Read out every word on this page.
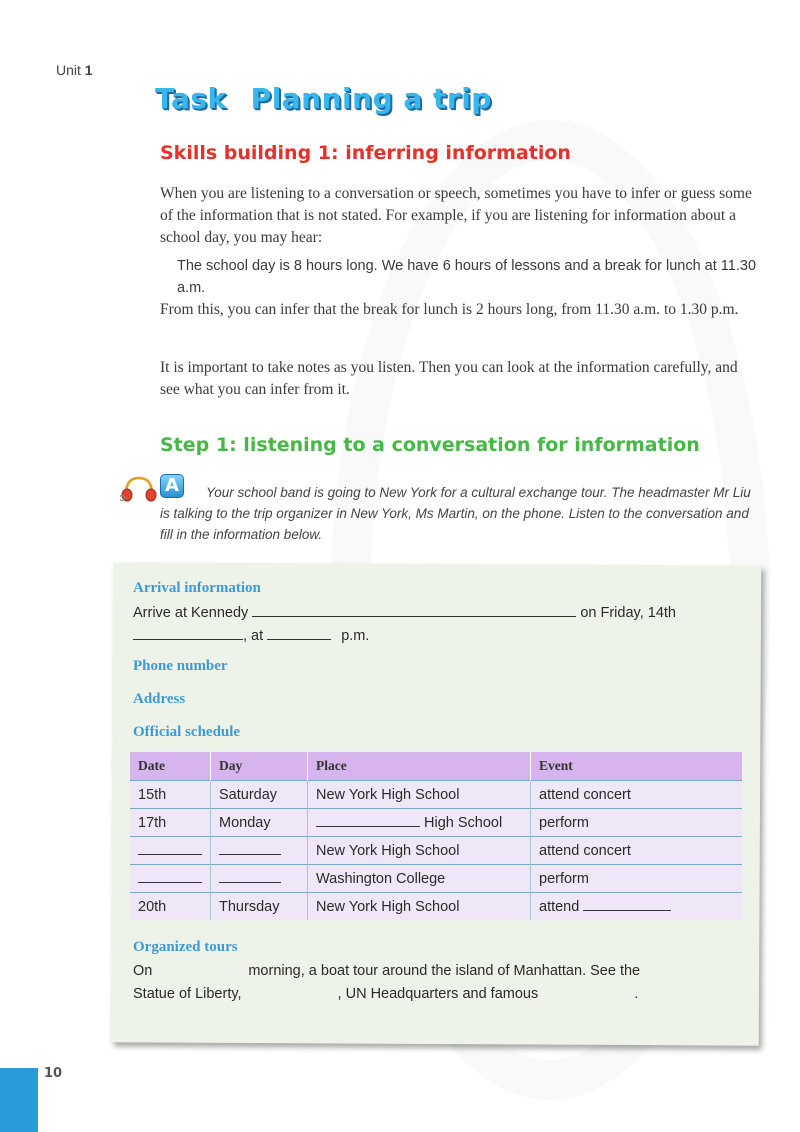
Unit 1
Task Planning a trip
Skills building 1: inferring information
When you are listening to a conversation or speech, sometimes you have to infer or guess some of the information that is not stated. For example, if you are listening for information about a school day, you may hear:
The school day is 8 hours long. We have 6 hours of lessons and a break for lunch at 11.30 a.m.
From this, you can infer that the break for lunch is 2 hours long, from 11.30 a.m. to 1.30 p.m.
It is important to take notes as you listen. Then you can look at the information carefully, and see what you can infer from it.
Step 1: listening to a conversation for information
A	Your school band is going to New York for a cultural exchange tour. The headmaster Mr Liu is talking to the trip organizer in New York, Ms Martin, on the phone. Listen to the conversation and fill in the information below.
Arrival information
Arrive at Kennedy	on Friday, 14th
, at	p.m.
Phone number
Address
Official schedule
Date	Day	Place	Event
15th	Saturday	New York High School	attend concert
17th	Monday	High School	perform
		New York High School	attend concert
		Washington College	perform
20th	Thursday	New York High School	attend
Organized tours
On	morning, a boat tour around the island of Manhattan. See the
Statue of Liberty,	, UN Headquarters and famous	.
10
